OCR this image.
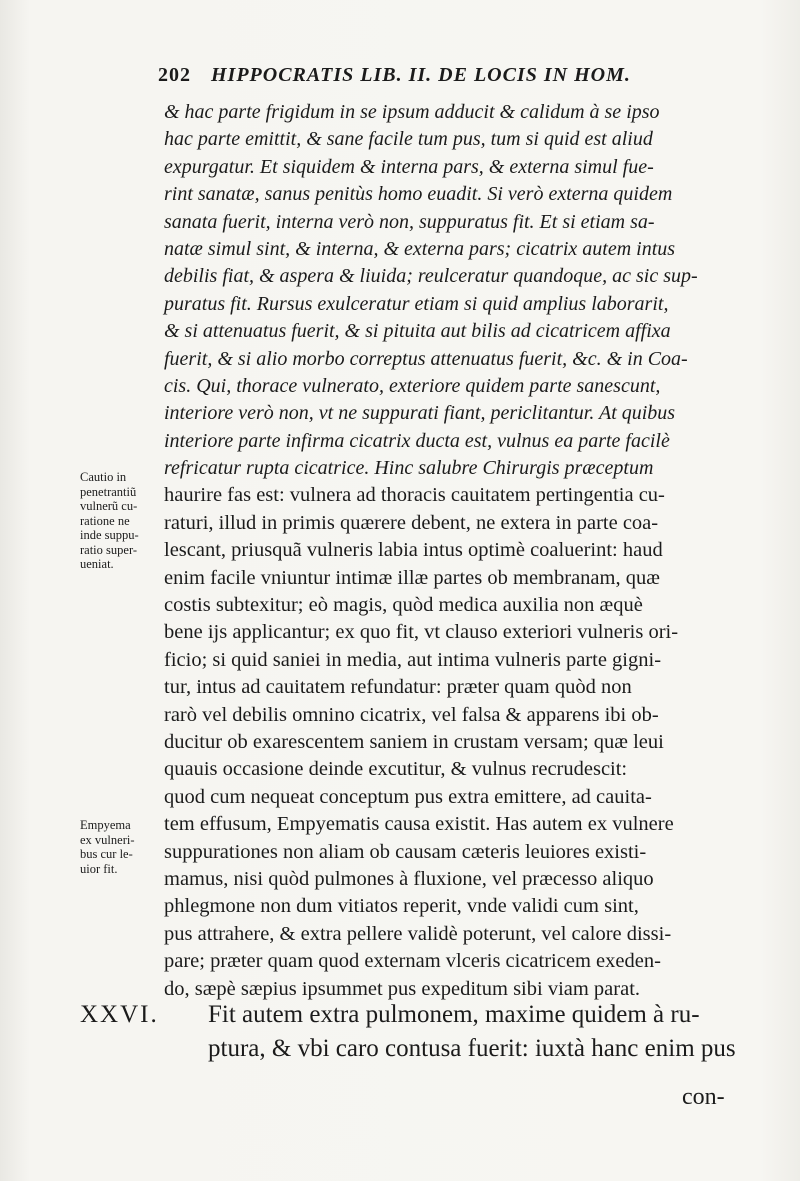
202 HIPPOCRATIS LIB. II. DE LOCIS IN HOM.
& hac parte frigidum in se ipsum adducit & calidum à se ipso
hac parte emittit, & sane facile tum pus, tum si quid est aliud
expurgatur. Et siquidem & interna pars, & externa simul fue-
rint sanatæ, sanus penitùs homo euadit. Si verò externa quidem
sanata fuerit, interna verò non, suppuratus fit. Et si etiam sa-
natæ simul sint, & interna, & externa pars; cicatrix autem intus
debilis fiat, & aspera & liuida; reulceratur quandoque, ac sic sup-
puratus fit. Rursus exulceratur etiam si quid amplius laborarit,
& si attenuatus fuerit, & si pituita aut bilis ad cicatricem affixa
fuerit, & si alio morbo correptus attenuatus fuerit, &c. & in Coa-
cis. Qui, thorace vulnerato, exteriore quidem parte sanescunt,
interiore verò non, vt ne suppurati fiant, periclitantur. At quibus
interiore parte infirma cicatrix ducta est, vulnus ea parte facilè
refricatur rupta cicatrice. Hinc salubre Chirurgis præceptum
haurire fas est: vulnera ad thoracis cauitatem pertingentia cu-
raturi, illud in primis quærere debent, ne extera in parte coa-
lescant, priusquã vulneris labia intus optimè coaluerint: haud
enim facile vniuntur intimæ illæ partes ob membranam, quæ
costis subtexitur; eò magis, quòd medica auxilia non æquè
bene ijs applicantur; ex quo fit, vt clauso exteriori vulneris ori-
ficio; si quid saniei in media, aut intima vulneris parte gigni-
tur, intus ad cauitatem refundatur: præter quam quòd non
rarò vel debilis omnino cicatrix, vel falsa & apparens ibi ob-
ducitur ob exarescentem saniem in crustam versam; quæ leui
quauis occasione deinde excutitur, & vulnus recrudescit:
quod cum nequeat conceptum pus extra emittere, ad cauita-
tem effusum, Empyematis causa existit. Has autem ex vulnere
suppurationes non aliam ob causam cæteris leuiores existi-
mamus, nisi quòd pulmones à fluxione, vel præcesso aliquo
phlegmone non dum vitiatos reperit, vnde validi cum sint,
pus attrahere, & extra pellere validè poterunt, vel calore dissi-
pare; præter quam quod externam vlceris cicatricem exeden-
do, sæpè sæpius ipsummet pus expeditum sibi viam parat.
Cautio in
penetrantiũ
vulnerũ cu-
ratione ne
inde suppu-
ratio super-
ueniat.
Empyema
ex vulneri-
bus cur le-
uior fit.
XXVI. Fit autem extra pulmonem, maxime quidem à ru-
ptura, & vbi caro contusa fuerit: iuxtà hanc enim pus
con-
